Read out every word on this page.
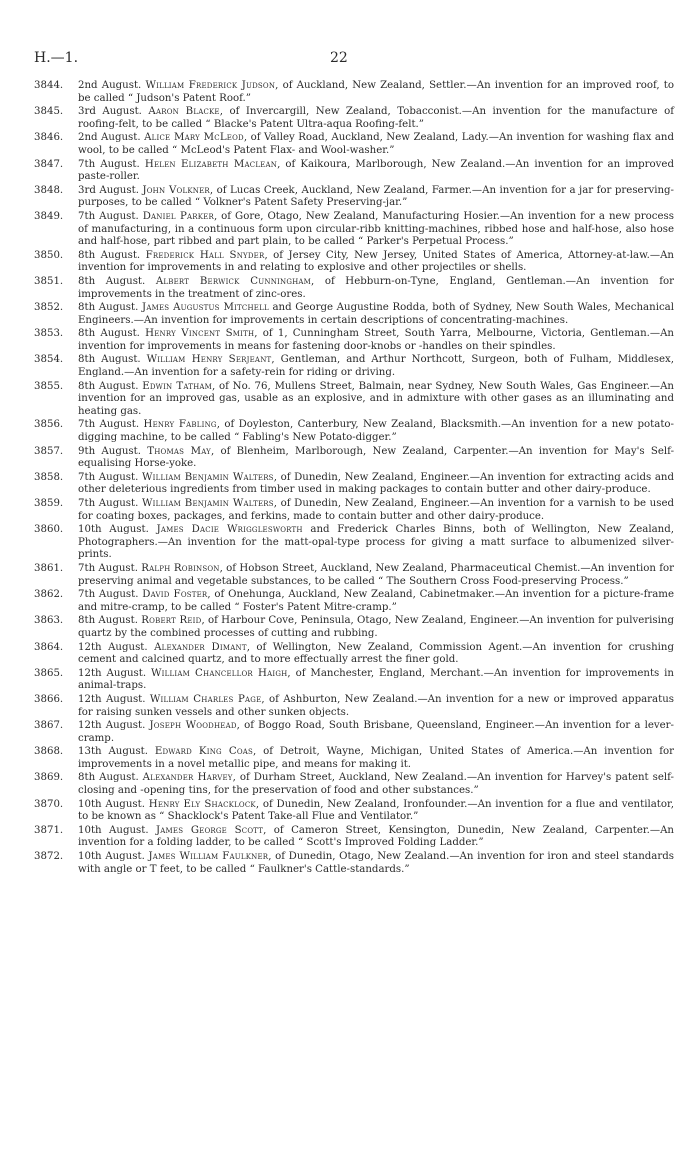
H.—1.	22

3844. 2nd August. William Frederick Judson, of Auckland, New Zealand, Settler.—An invention for an improved roof, to be called “ Judson's Patent Roof.”

3845. 3rd August. Aaron Blacke, of Invercargill, New Zealand, Tobacconist.—An invention for the manufacture of roofing-felt, to be called “ Blacke's Patent Ultra-aqua Roofing-felt.”

3846. 2nd August. Alice Mary McLeod, of Valley Road, Auckland, New Zealand, Lady.—An invention for washing flax and wool, to be called “ McLeod's Patent Flax- and Wool-washer.”

3847. 7th August. Helen Elizabeth Maclean, of Kaikoura, Marlborough, New Zealand.—An invention for an improved paste-roller.

3848. 3rd August. John Volkner, of Lucas Creek, Auckland, New Zealand, Farmer.—An invention for a jar for preserving-purposes, to be called “ Volkner's Patent Safety Preserving-jar.”

3849. 7th August. Daniel Parker, of Gore, Otago, New Zealand, Manufacturing Hosier.—An invention for a new process of manufacturing, in a continuous form upon circular-ribb knitting-machines, ribbed hose and half-hose, also hose and half-hose, part ribbed and part plain, to be called “ Parker's Perpetual Process.”

3850. 8th August. Frederick Hall Snyder, of Jersey City, New Jersey, United States of America, Attorney-at-law.—An invention for improvements in and relating to explosive and other projectiles or shells.

3851. 8th August. Albert Berwick Cunningham, of Hebburn-on-Tyne, England, Gentleman.—An invention for improvements in the treatment of zinc-ores.

3852. 8th August. James Augustus Mitchell and George Augustine Rodda, both of Sydney, New South Wales, Mechanical Engineers.—An invention for improvements in certain descriptions of concentrating-machines.

3853. 8th August. Henry Vincent Smith, of 1, Cunningham Street, South Yarra, Melbourne, Victoria, Gentleman.—An invention for improvements in means for fastening door-knobs or -handles on their spindles.

3854. 8th August. William Henry Serjeant, Gentleman, and Arthur Northcott, Surgeon, both of Fulham, Middlesex, England.—An invention for a safety-rein for riding or driving.

3855. 8th August. Edwin Tatham, of No. 76, Mullens Street, Balmain, near Sydney, New South Wales, Gas Engineer.—An invention for an improved gas, usable as an explosive, and in admixture with other gases as an illuminating and heating gas.

3856. 7th August. Henry Fabling, of Doyleston, Canterbury, New Zealand, Blacksmith.—An invention for a new potato-digging machine, to be called “ Fabling's New Potato-digger.”

3857. 9th August. Thomas May, of Blenheim, Marlborough, New Zealand, Carpenter.—An invention for May's Self-equalising Horse-yoke.

3858. 7th August. William Benjamin Walters, of Dunedin, New Zealand, Engineer.—An invention for extracting acids and other deleterious ingredients from timber used in making packages to contain butter and other dairy-produce.

3859. 7th August. William Benjamin Walters, of Dunedin, New Zealand, Engineer.—An invention for a varnish to be used for coating boxes, packages, and ferkins, made to contain butter and other dairy-produce.

3860. 10th August. James Dacie Wrigglesworth and Frederick Charles Binns, both of Wellington, New Zealand, Photographers.—An invention for the matt-opal-type process for giving a matt surface to albumenized silver-prints.

3861. 7th August. Ralph Robinson, of Hobson Street, Auckland, New Zealand, Pharmaceutical Chemist.—An invention for preserving animal and vegetable substances, to be called “ The Southern Cross Food-preserving Process.”

3862. 7th August. David Foster, of Onehunga, Auckland, New Zealand, Cabinetmaker.—An invention for a picture-frame and mitre-cramp, to be called “ Foster's Patent Mitre-cramp.”

3863. 8th August. Robert Reid, of Harbour Cove, Peninsula, Otago, New Zealand, Engineer.—An invention for pulverising quartz by the combined processes of cutting and rubbing.

3864. 12th August. Alexander Dimant, of Wellington, New Zealand, Commission Agent.—An invention for crushing cement and calcined quartz, and to more effectually arrest the finer gold.

3865. 12th August. William Chancellor Haigh, of Manchester, England, Merchant.—An invention for improvements in animal-traps.

3866. 12th August. William Charles Page, of Ashburton, New Zealand.—An invention for a new or improved apparatus for raising sunken vessels and other sunken objects.

3867. 12th August. Joseph Woodhead, of Boggo Road, South Brisbane, Queensland, Engineer.—An invention for a lever-cramp.

3868. 13th August. Edward King Coas, of Detroit, Wayne, Michigan, United States of America.—An invention for improvements in a novel metallic pipe, and means for making it.

3869. 8th August. Alexander Harvey, of Durham Street, Auckland, New Zealand.—An invention for Harvey's patent self-closing and -opening tins, for the preservation of food and other substances.”

3870. 10th August. Henry Ely Shacklock, of Dunedin, New Zealand, Ironfounder.—An invention for a flue and ventilator, to be known as “ Shacklock's Patent Take-all Flue and Ventilator.”

3871. 10th August. James George Scott, of Cameron Street, Kensington, Dunedin, New Zealand, Carpenter.—An invention for a folding ladder, to be called “ Scott's Improved Folding Ladder.”

3872. 10th August. James William Faulkner, of Dunedin, Otago, New Zealand.—An invention for iron and steel standards with angle or T feet, to be called “ Faulkner's Cattle-standards.”
